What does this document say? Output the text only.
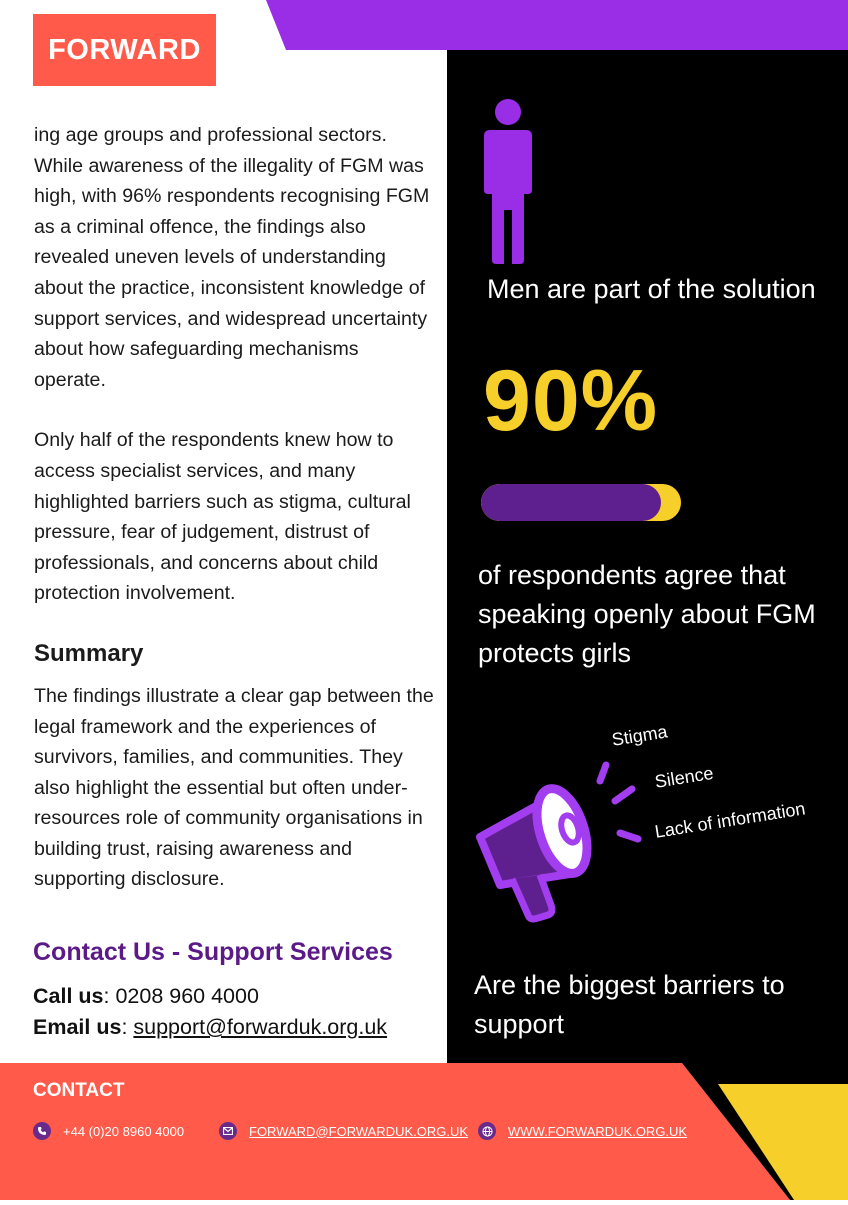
FORWARD

ing age groups and professional sectors. While awareness of the illegality of FGM was high, with 96% respondents recognising FGM as a criminal offence, the findings also revealed uneven levels of understanding about the practice, inconsistent knowledge of support services, and widespread uncertainty about how safeguarding mechanisms operate.

Only half of the respondents knew how to access specialist services, and many highlighted barriers such as stigma, cultural pressure, fear of judgement, distrust of professionals, and concerns about child protection involvement.

Summary

The findings illustrate a clear gap between the legal framework and the experiences of survivors, families, and communities. They also highlight the essential but often under-resources role of community organisations in building trust, raising awareness and supporting disclosure.

Contact Us - Support Services
Call us: 0208 960 4000
Email us: support@forwarduk.org.uk
Men are part of the solution
90%
of respondents agree that speaking openly about FGM protects girls
Stigma
Silence
Lack of information
Are the biggest barriers to support
CONTACT
+44 (0)20 8960 4000	FORWARD@FORWARDUK.ORG.UK	WWW.FORWARDUK.ORG.UK
